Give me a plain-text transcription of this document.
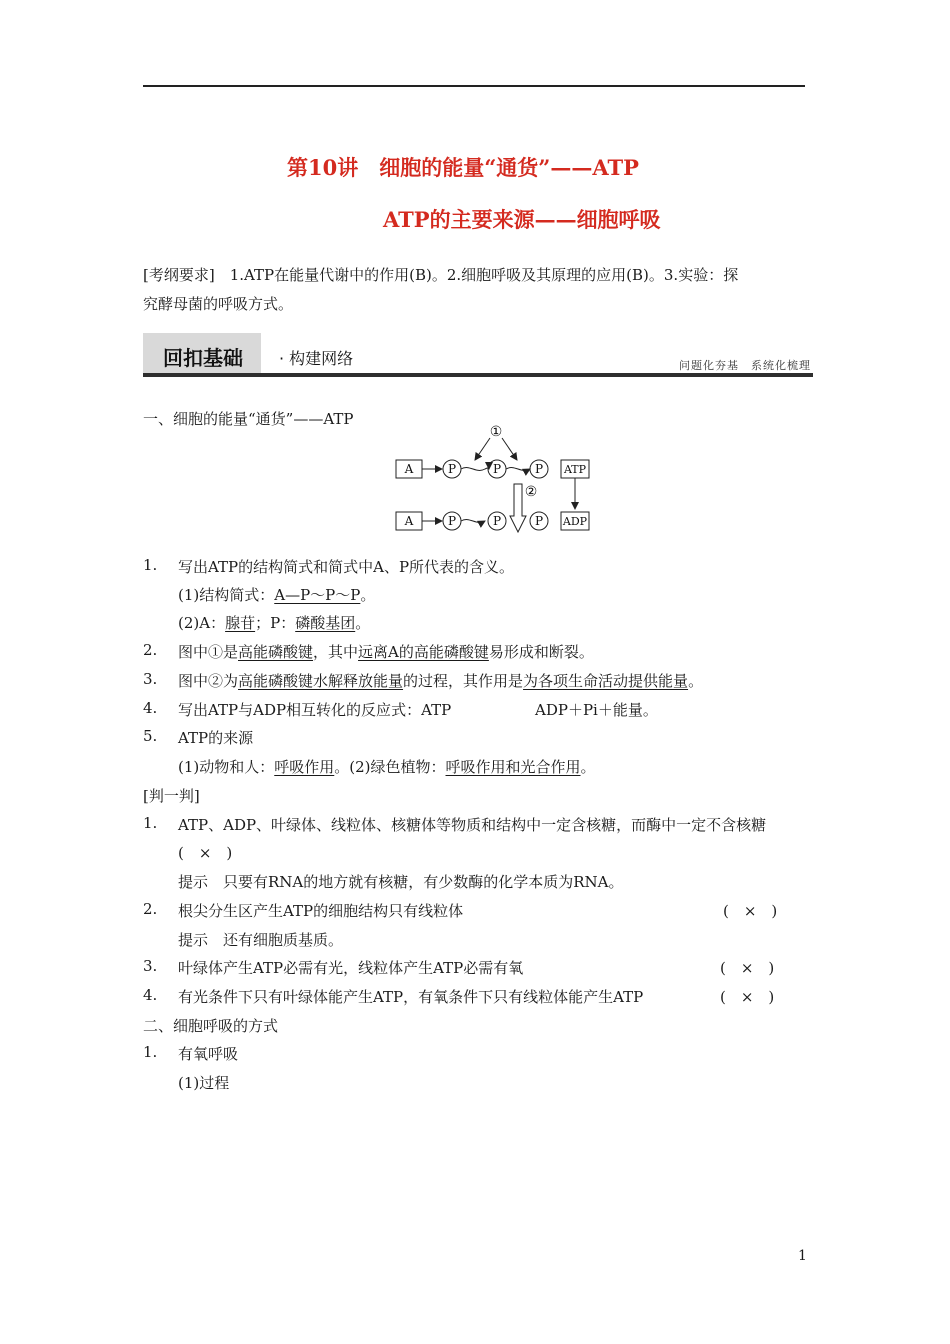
第10讲　细胞的能量“通货”——ATP
ATP的主要来源——细胞呼吸
[考纲要求]　1.ATP在能量代谢中的作用(B)。2.细胞呼吸及其原理的应用(B)。3.实验：探
究酵母菌的呼吸方式。
回扣基础 · 构建网络	问题化夯基　系统化梳理
一、细胞的能量“通货”——ATP
A	P	P	P
①
ATP
②
A	P	P	P ADP
1. 写出ATP的结构简式和简式中A、P所代表的含义。
(1)结构简式：A—P～P～P。
(2)A：腺苷；P：磷酸基团。
2. 图中①是高能磷酸键，其中远离A的高能磷酸键易形成和断裂。
3. 图中②为高能磷酸键水解释放能量的过程，其作用是为各项生命活动提供能量。
4. 写出ATP与ADP相互转化的反应式：ATP	ADP＋Pi＋能量。
5. ATP的来源
(1)动物和人：呼吸作用。(2)绿色植物：呼吸作用和光合作用。
[判一判]
1. ATP、ADP、叶绿体、线粒体、核糖体等物质和结构中一定含核糖，而酶中一定不含核糖
(　×　)
提示　只要有RNA的地方就有核糖，有少数酶的化学本质为RNA。
2. 根尖分生区产生ATP的细胞结构只有线粒体	(　×　)
提示　还有细胞质基质。
3. 叶绿体产生ATP必需有光，线粒体产生ATP必需有氧	(　×　)
4. 有光条件下只有叶绿体能产生ATP，有氧条件下只有线粒体能产生ATP	(　×　)
二、细胞呼吸的方式
1. 有氧呼吸
(1)过程
1
